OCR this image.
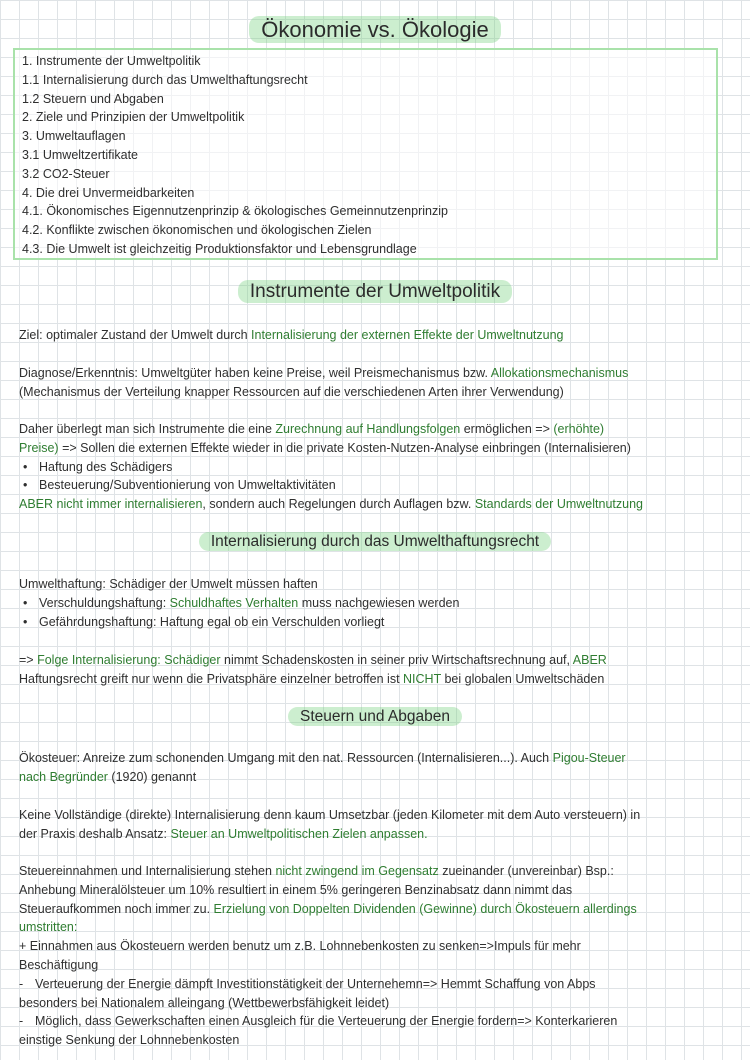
Ökonomie vs. Ökologie
1. Instrumente der Umweltpolitik
1.1 Internalisierung durch das Umwelthaftungsrecht
1.2 Steuern und Abgaben
2. Ziele und Prinzipien der Umweltpolitik
3. Umweltauflagen
3.1 Umweltzertifikate
3.2 CO2-Steuer
4. Die drei Unvermeidbarkeiten
4.1. Ökonomisches Eigennutzenprinzip & ökologisches Gemeinnutzenprinzip
4.2. Konflikte zwischen ökonomischen und ökologischen Zielen
4.3. Die Umwelt ist gleichzeitig Produktionsfaktor und Lebensgrundlage
Instrumente der Umweltpolitik
Ziel: optimaler Zustand der Umwelt durch Internalisierung der externen Effekte der Umweltnutzung
Diagnose/Erkenntnis: Umweltgüter haben keine Preise, weil Preismechanismus bzw. Allokationsmechanismus
(Mechanismus der Verteilung knapper Ressourcen auf die verschiedenen Arten ihrer Verwendung)
Daher überlegt man sich Instrumente die eine Zurechnung auf Handlungsfolgen ermöglichen => (erhöhte)
Preise) => Sollen die externen Effekte wieder in die private Kosten-Nutzen-Analyse einbringen (Internalisieren)
• Haftung des Schädigers
• Besteuerung/Subventionierung von Umweltaktivitäten
ABER nicht immer internalisieren, sondern auch Regelungen durch Auflagen bzw. Standards der Umweltnutzung
Internalisierung durch das Umwelthaftungsrecht
Umwelthaftung: Schädiger der Umwelt müssen haften
• Verschuldungshaftung: Schuldhaftes Verhalten muss nachgewiesen werden
• Gefährdungshaftung: Haftung egal ob ein Verschulden vorliegt
=> Folge Internalisierung: Schädiger nimmt Schadenskosten in seiner priv Wirtschaftsrechnung auf, ABER
Haftungsrecht greift nur wenn die Privatsphäre einzelner betroffen ist NICHT bei globalen Umweltschäden
Steuern und Abgaben
Ökosteuer: Anreize zum schonenden Umgang mit den nat. Ressourcen (Internalisieren...). Auch Pigou-Steuer
nach Begründer (1920) genannt
Keine Vollständige (direkte) Internalisierung denn kaum Umsetzbar (jeden Kilometer mit dem Auto versteuern) in
der Praxis deshalb Ansatz: Steuer an Umweltpolitischen Zielen anpassen.
Steuereinnahmen und Internalisierung stehen nicht zwingend im Gegensatz zueinander (unvereinbar) Bsp.:
Anhebung Mineralölsteuer um 10% resultiert in einem 5% geringeren Benzinabsatz dann nimmt das
Steueraufkommen noch immer zu. Erzielung von Doppelten Dividenden (Gewinne) durch Ökosteuern allerdings
umstritten:
+ Einnahmen aus Ökosteuern werden benutz um z.B. Lohnnebenkosten zu senken=>Impuls für mehr
Beschäftigung
- Verteuerung der Energie dämpft Investitionstätigkeit der Unternehemn=> Hemmt Schaffung von Abps
besonders bei Nationalem alleingang (Wettbewerbsfähigkeit leidet)
- Möglich, dass Gewerkschaften einen Ausgleich für die Verteuerung der Energie fordern=> Konterkarieren
einstige Senkung der Lohnnebenkosten
